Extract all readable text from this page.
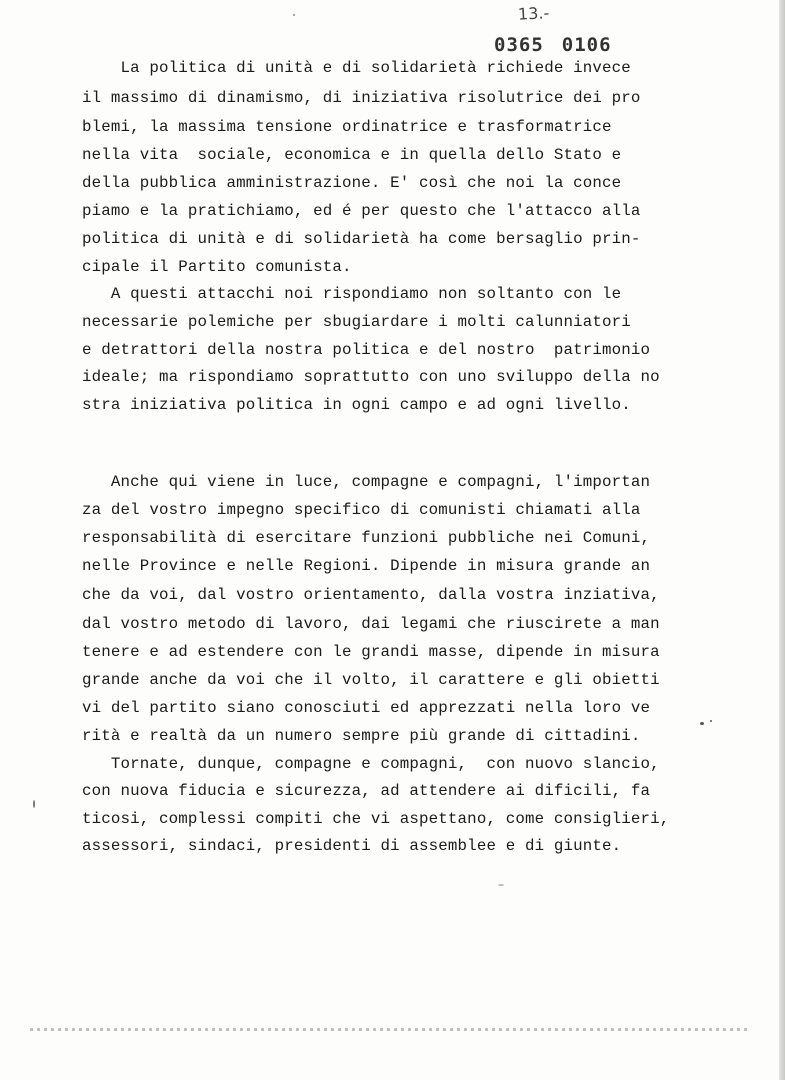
13.-
0365 0106
La politica di unità e di solidarietà richiede invece
il massimo di dinamismo, di iniziativa risolutrice dei pro
blemi, la massima tensione ordinatrice e trasformatrice
nella vita  sociale, economica e in quella dello Stato e
della pubblica amministrazione. E' così che noi la conce
piamo e la pratichiamo, ed é per questo che l'attacco alla
politica di unità e di solidarietà ha come bersaglio prin-
cipale il Partito comunista.
A questi attacchi noi rispondiamo non soltanto con le
necessarie polemiche per sbugiardare i molti calunniatori
e detrattori della nostra politica e del nostro  patrimonio
ideale; ma rispondiamo soprattutto con uno sviluppo della no
stra iniziativa politica in ogni campo e ad ogni livello.
Anche qui viene in luce, compagne e compagni, l'importan
za del vostro impegno specifico di comunisti chiamati alla
responsabilità di esercitare funzioni pubbliche nei Comuni,
nelle Province e nelle Regioni. Dipende in misura grande an
che da voi, dal vostro orientamento, dalla vostra inziativa,
dal vostro metodo di lavoro, dai legami che riuscirete a man
tenere e ad estendere con le grandi masse, dipende in misura
grande anche da voi che il volto, il carattere e gli obietti
vi del partito siano conosciuti ed apprezzati nella loro ve
rità e realtà da un numero sempre più grande di cittadini.
Tornate, dunque, compagne e compagni,  con nuovo slancio,
con nuova fiducia e sicurezza, ad attendere ai dificili, fa
ticosi, complessi compiti che vi aspettano, come consiglieri,
assessori, sindaci, presidenti di assemblee e di giunte.
